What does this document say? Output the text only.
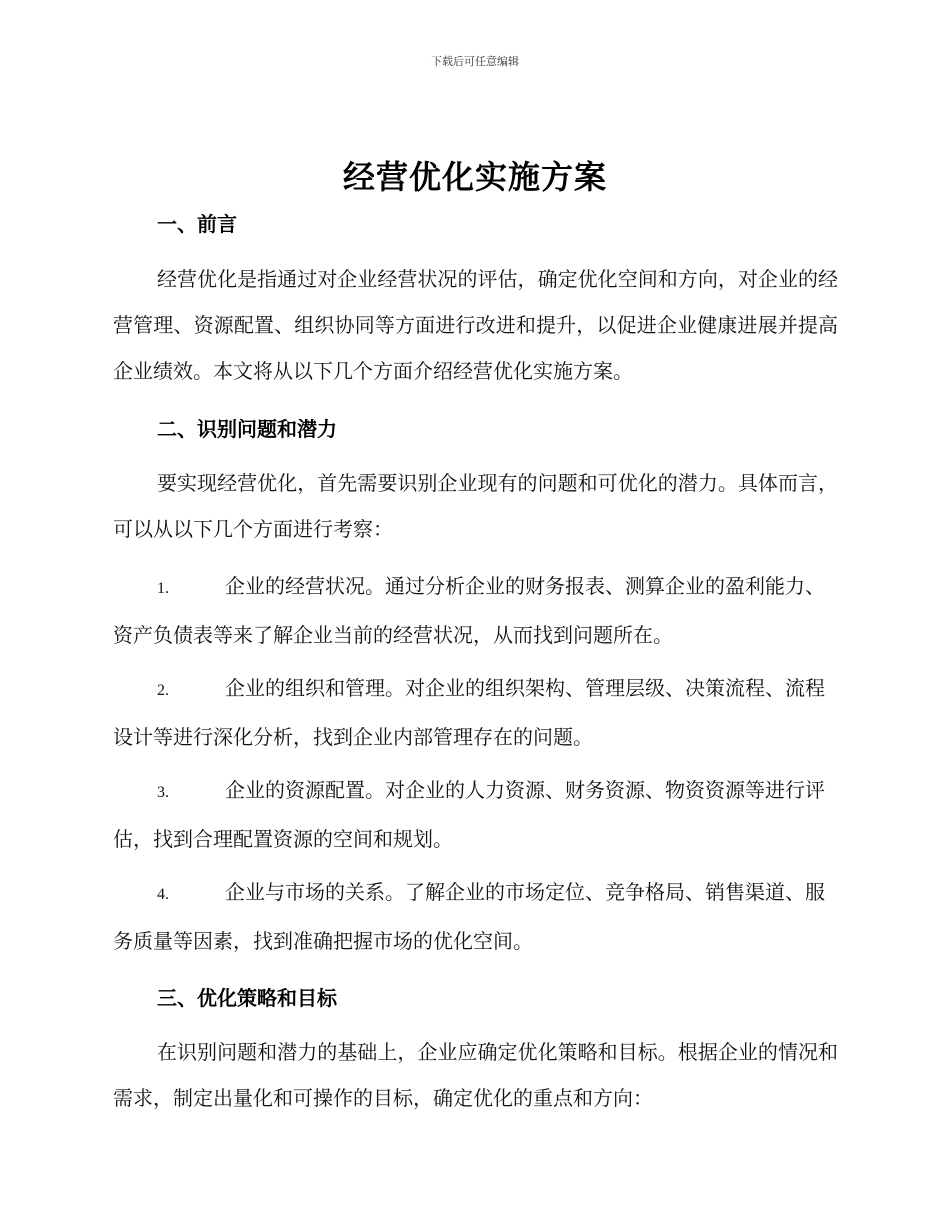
下载后可任意编辑
经营优化实施方案
一、前言

经营优化是指通过对企业经营状况的评估，确定优化空间和方向，对企业的经营管理、资源配置、组织协同等方面进行改进和提升，以促进企业健康进展并提高企业绩效。本文将从以下几个方面介绍经营优化实施方案。

二、识别问题和潜力

要实现经营优化，首先需要识别企业现有的问题和可优化的潜力。具体而言，可以从以下几个方面进行考察：

1.	企业的经营状况。通过分析企业的财务报表、测算企业的盈利能力、资产负债表等来了解企业当前的经营状况，从而找到问题所在。

2.	企业的组织和管理。对企业的组织架构、管理层级、决策流程、流程设计等进行深化分析，找到企业内部管理存在的问题。

3.	企业的资源配置。对企业的人力资源、财务资源、物资资源等进行评估，找到合理配置资源的空间和规划。

4.	企业与市场的关系。了解企业的市场定位、竞争格局、销售渠道、服务质量等因素，找到准确把握市场的优化空间。

三、优化策略和目标

在识别问题和潜力的基础上，企业应确定优化策略和目标。根据企业的情况和需求，制定出量化和可操作的目标，确定优化的重点和方向：
